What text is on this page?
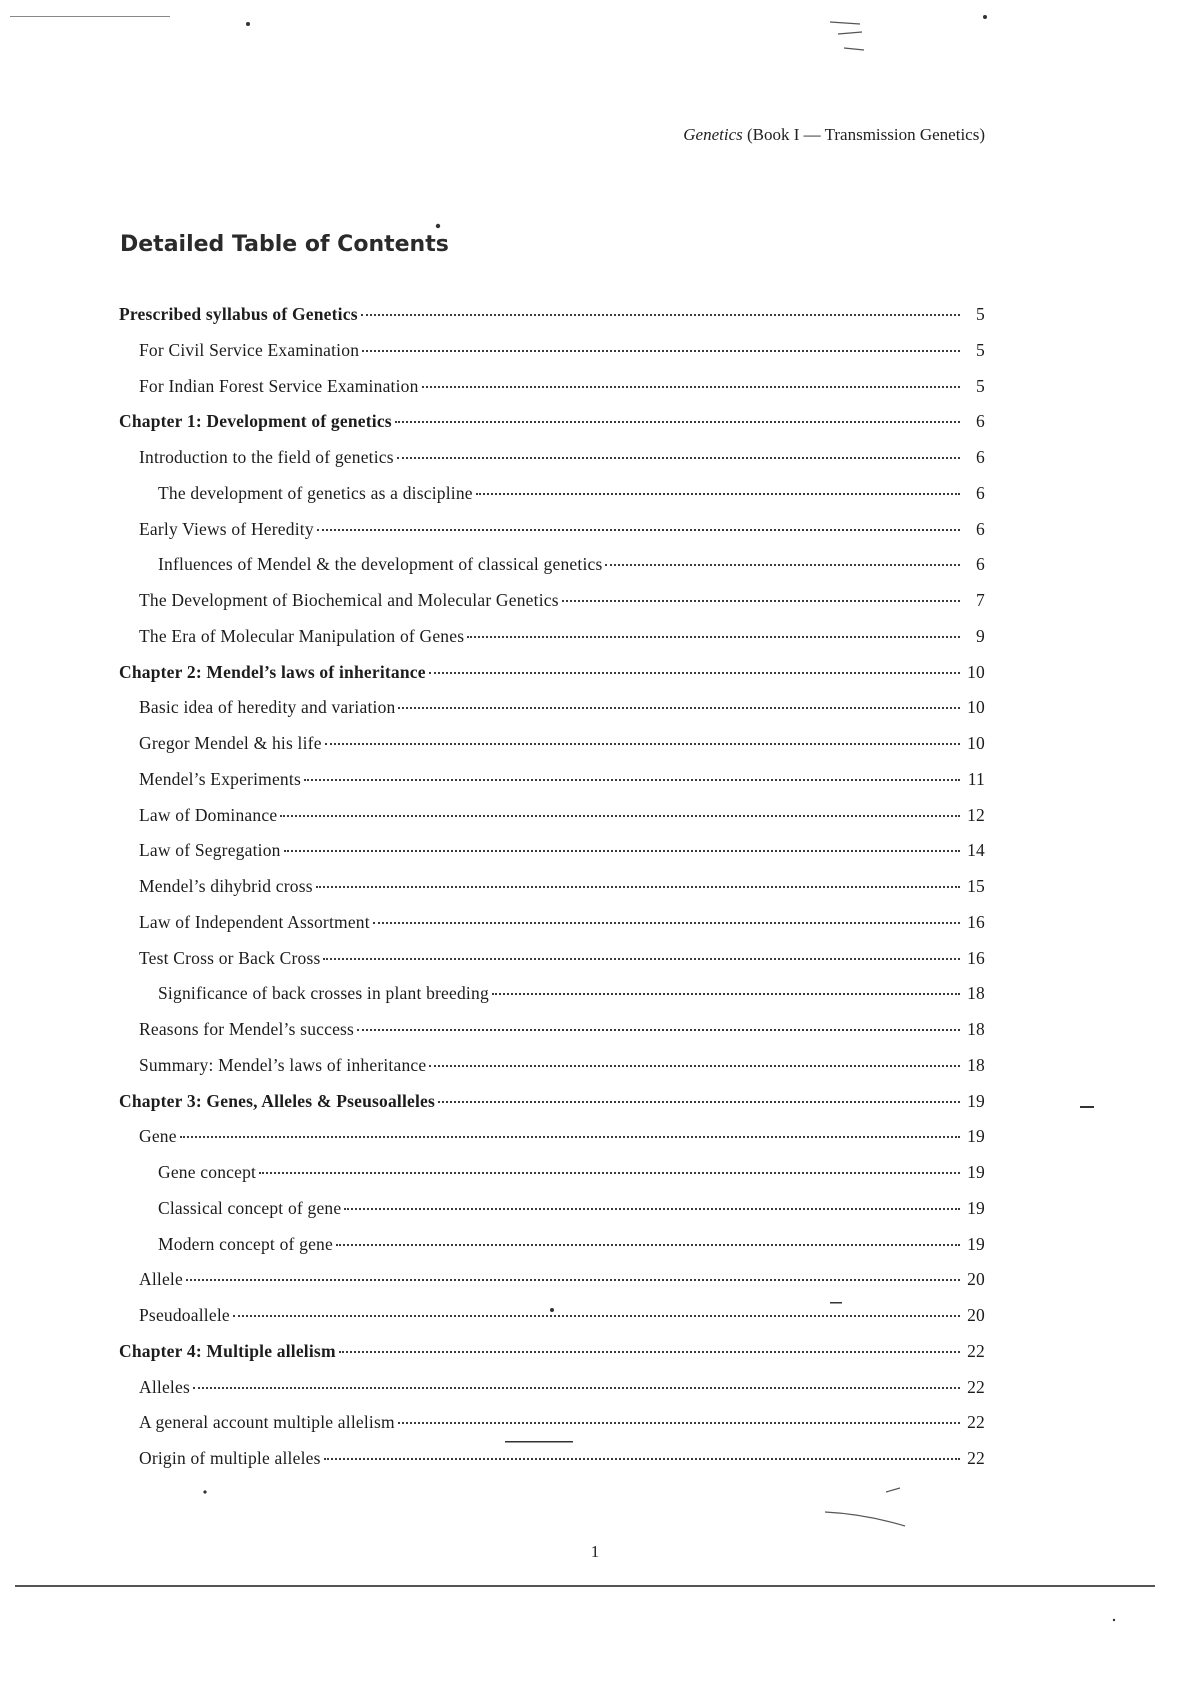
Genetics (Book I — Transmission Genetics)
Detailed Table of Contents
Prescribed syllabus of Genetics	5
For Civil Service Examination	5
For Indian Forest Service Examination	5
Chapter 1: Development of genetics	6
Introduction to the field of genetics	6
The development of genetics as a discipline	6
Early Views of Heredity	6
Influences of Mendel & the development of classical genetics	6
The Development of Biochemical and Molecular Genetics	7
The Era of Molecular Manipulation of Genes	9
Chapter 2: Mendel’s laws of inheritance	10
Basic idea of heredity and variation	10
Gregor Mendel & his life	10
Mendel’s Experiments	11
Law of Dominance	12
Law of Segregation	14
Mendel’s dihybrid cross	15
Law of Independent Assortment	16
Test Cross or Back Cross	16
Significance of back crosses in plant breeding	18
Reasons for Mendel’s success	18
Summary: Mendel’s laws of inheritance	18
Chapter 3: Genes, Alleles & Pseusoalleles	19
Gene	19
Gene concept	19
Classical concept of gene	19
Modern concept of gene	19
Allele	20
Pseudoallele	20
Chapter 4: Multiple allelism	22
Alleles	22
A general account multiple allelism	22
Origin of multiple alleles	22
1
